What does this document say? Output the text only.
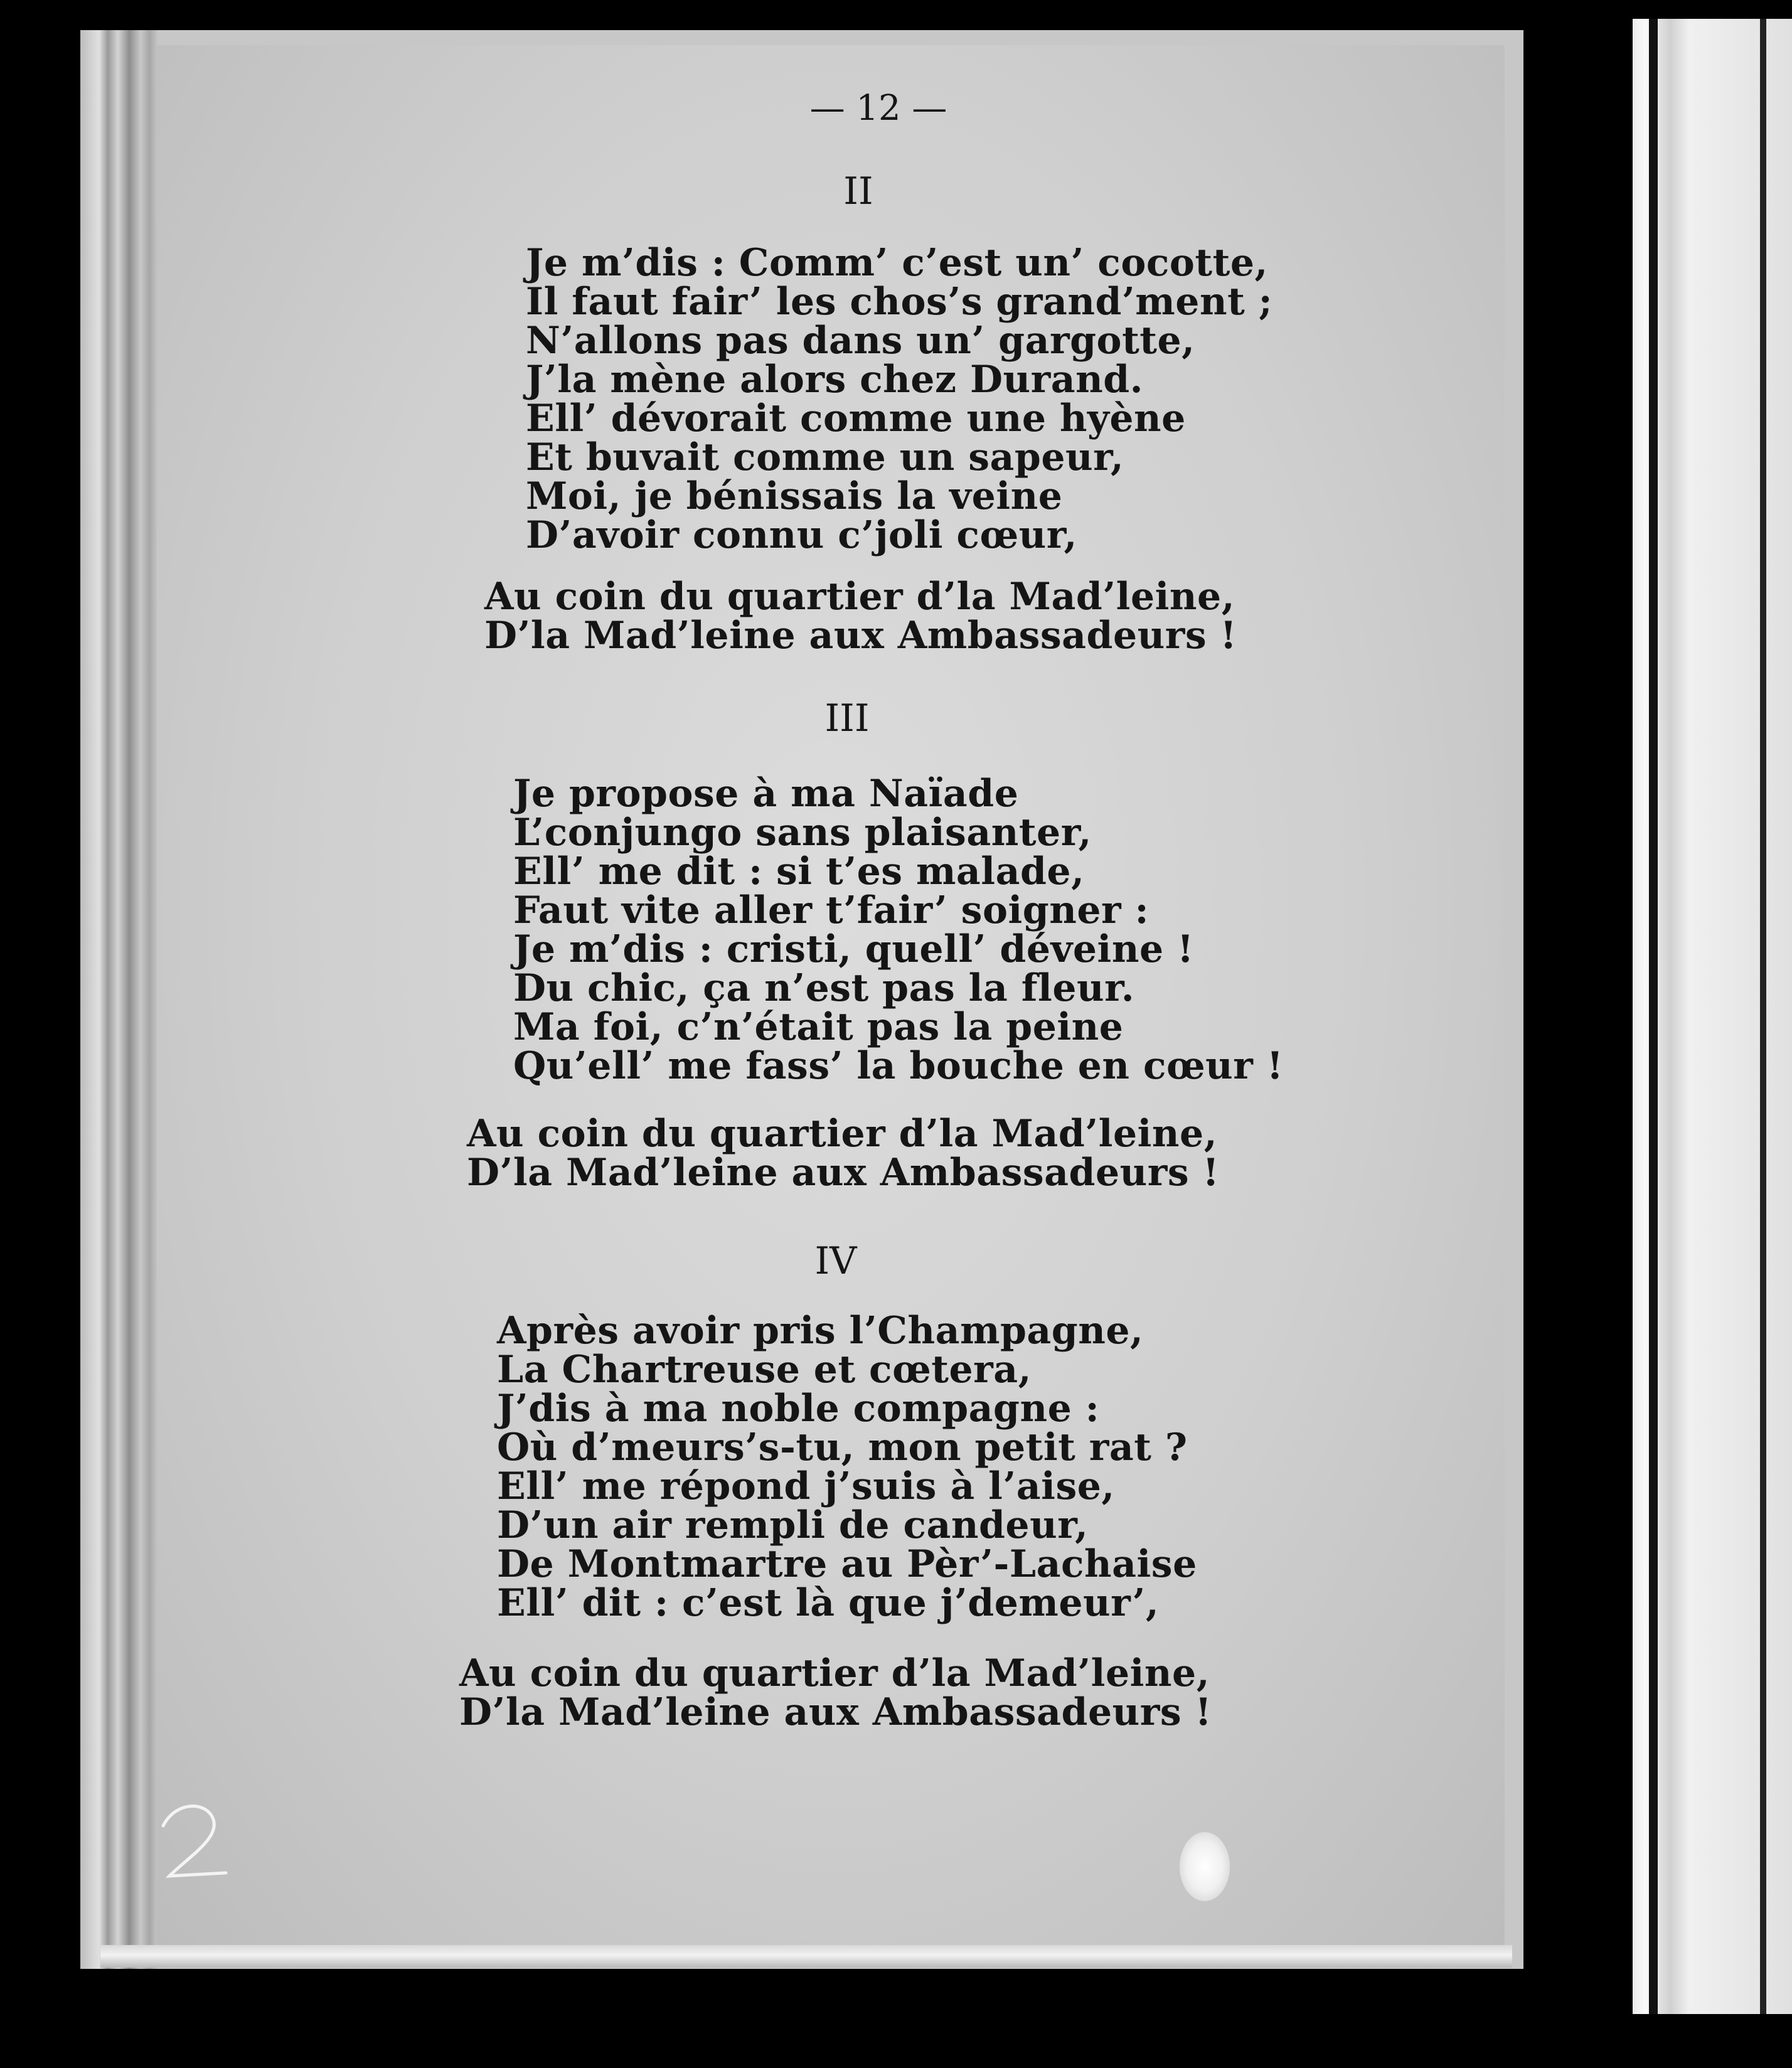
— 12 —
II
Je m’dis : Comm’ c’est un’ cocotte,
Il faut fair’ les chos’s grand’ment ;
N’allons pas dans un’ gargotte,
J’la mène alors chez Durand.
Ell’ dévorait comme une hyène
Et buvait comme un sapeur,
Moi, je bénissais la veine
D’avoir connu c’joli cœur,
Au coin du quartier d’la Mad’leine,
D’la Mad’leine aux Ambassadeurs !
III
Je propose à ma Naïade
L’conjungo sans plaisanter,
Ell’ me dit : si t’es malade,
Faut vite aller t’fair’ soigner :
Je m’dis : cristi, quell’ déveine !
Du chic, ça n’est pas la fleur.
Ma foi, c’n’était pas la peine
Qu’ell’ me fass’ la bouche en cœur !
Au coin du quartier d’la Mad’leine,
D’la Mad’leine aux Ambassadeurs !
IV
Après avoir pris l’Champagne,
La Chartreuse et cœtera,
J’dis à ma noble compagne :
Où d’meurs’s-tu, mon petit rat ?
Ell’ me répond j’suis à l’aise,
D’un air rempli de candeur,
De Montmartre au Pèr’-Lachaise
Ell’ dit : c’est là que j’demeur’,
Au coin du quartier d’la Mad’leine,
D’la Mad’leine aux Ambassadeurs !
